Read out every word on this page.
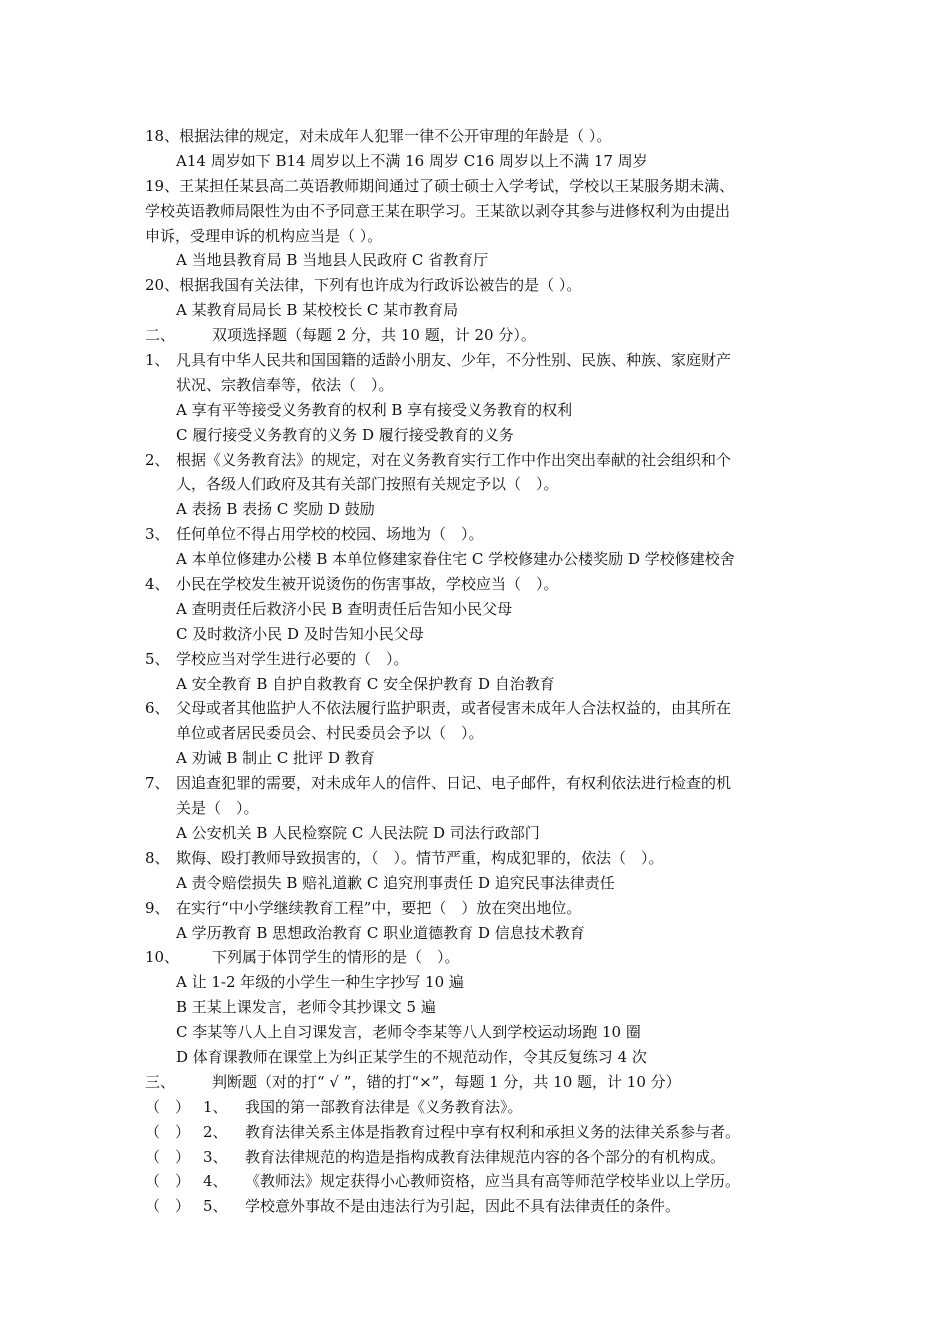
18、根据法律的规定，对未成年人犯罪一律不公开审理的年龄是（ ）。
A14 周岁如下 B14 周岁以上不满 16 周岁 C16 周岁以上不满 17 周岁
19、王某担任某县高二英语教师期间通过了硕士硕士入学考试，学校以王某服务期未满、
学校英语教师局限性为由不予同意王某在职学习。王某欲以剥夺其参与进修权利为由提出
申诉，受理申诉的机构应当是（ ）。
A 当地县教育局 B 当地县人民政府 C 省教育厅
20、根据我国有关法律，下列有也许成为行政诉讼被告的是（ ）。
A 某教育局局长 B 某校校长 C 某市教育局
二、 双项选择题（每题 2 分，共 10 题，计 20 分）。
1、 凡具有中华人民共和国国籍的适龄小朋友、少年，不分性别、民族、种族、家庭财产
状况、宗教信奉等，依法（　）。
A 享有平等接受义务教育的权利 B 享有接受义务教育的权利
C 履行接受义务教育的义务 D 履行接受教育的义务
2、 根据《义务教育法》的规定，对在义务教育实行工作中作出突出奉献的社会组织和个
人，各级人们政府及其有关部门按照有关规定予以（　）。
A 表扬 B 表扬 C 奖励 D 鼓励
3、 任何单位不得占用学校的校园、场地为（　）。
A 本单位修建办公楼 B 本单位修建家眷住宅 C 学校修建办公楼奖励 D 学校修建校舍
4、 小民在学校发生被开说烫伤的伤害事故，学校应当（　）。
A 查明责任后救济小民 B 查明责任后告知小民父母
C 及时救济小民 D 及时告知小民父母
5、 学校应当对学生进行必要的（　）。
A 安全教育 B 自护自救教育 C 安全保护教育 D 自治教育
6、 父母或者其他监护人不依法履行监护职责，或者侵害未成年人合法权益的，由其所在
单位或者居民委员会、村民委员会予以（　）。
A 劝诫 B 制止 C 批评 D 教育
7、 因追查犯罪的需要，对未成年人的信件、日记、电子邮件，有权利依法进行检查的机
关是（　）。
A 公安机关 B 人民检察院 C 人民法院 D 司法行政部门
8、 欺侮、殴打教师导致损害的，（　）。情节严重，构成犯罪的，依法（　）。
A 责令赔偿损失 B 赔礼道歉 C 追究刑事责任 D 追究民事法律责任
9、 在实行“中小学继续教育工程”中，要把（　）放在突出地位。
A 学历教育 B 思想政治教育 C 职业道德教育 D 信息技术教育
10、 下列属于体罚学生的情形的是（　）。
A 让 1-2 年级的小学生一种生字抄写 10 遍
B 王某上课发言，老师令其抄课文 5 遍
C 李某等八人上自习课发言，老师令李某等八人到学校运动场跑 10 圈
D 体育课教师在课堂上为纠正某学生的不规范动作，令其反复练习 4 次
三、 判断题（对的打“ √ ”，错的打“×”，每题 1 分，共 10 题，计 10 分）
（　） 1、 我国的第一部教育法律是《义务教育法》。
（　） 2、 教育法律关系主体是指教育过程中享有权利和承担义务的法律关系参与者。
（　） 3、 教育法律规范的构造是指构成教育法律规范内容的各个部分的有机构成。
（　） 4、 《教师法》规定获得小心教师资格，应当具有高等师范学校毕业以上学历。
（　） 5、 学校意外事故不是由违法行为引起，因此不具有法律责任的条件。
